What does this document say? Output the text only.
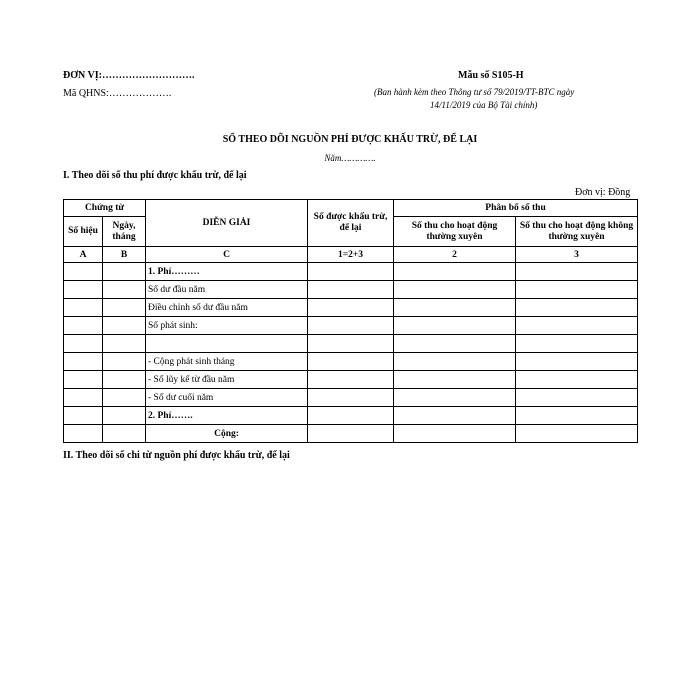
ĐƠN VỊ:……………………….
Mã QHNS:……………….
Mẫu số S105-H
(Ban hành kèm theo Thông tư số 79/2019/TT-BTC ngày
14/11/2019 của Bộ Tài chính)
SỔ THEO DÕI NGUỒN PHÍ ĐƯỢC KHẤU TRỪ, ĐỂ LẠI
Năm………….
I. Theo dõi số thu phí được khấu trừ, để lại
Đơn vị: Đồng
Chứng từ		DIỄN GIẢI	Số được khấu trừ, để lại	Phân bổ số thu	
Số hiệu	Ngày, tháng			Số thu cho hoạt động thường xuyên	Số thu cho hoạt động không thường xuyên
A	B	C	1=2+3	2	3
		1. Phí………			
		Số dư đầu năm			
		Điều chỉnh số dư đầu năm			
		Số phát sinh:			

		- Cộng phát sinh tháng			
		- Số lũy kế từ đầu năm			
		- Số dư cuối năm			
		2. Phí…….			
		Cộng:			
II. Theo dõi số chi từ nguồn phí được khấu trừ, để lại
